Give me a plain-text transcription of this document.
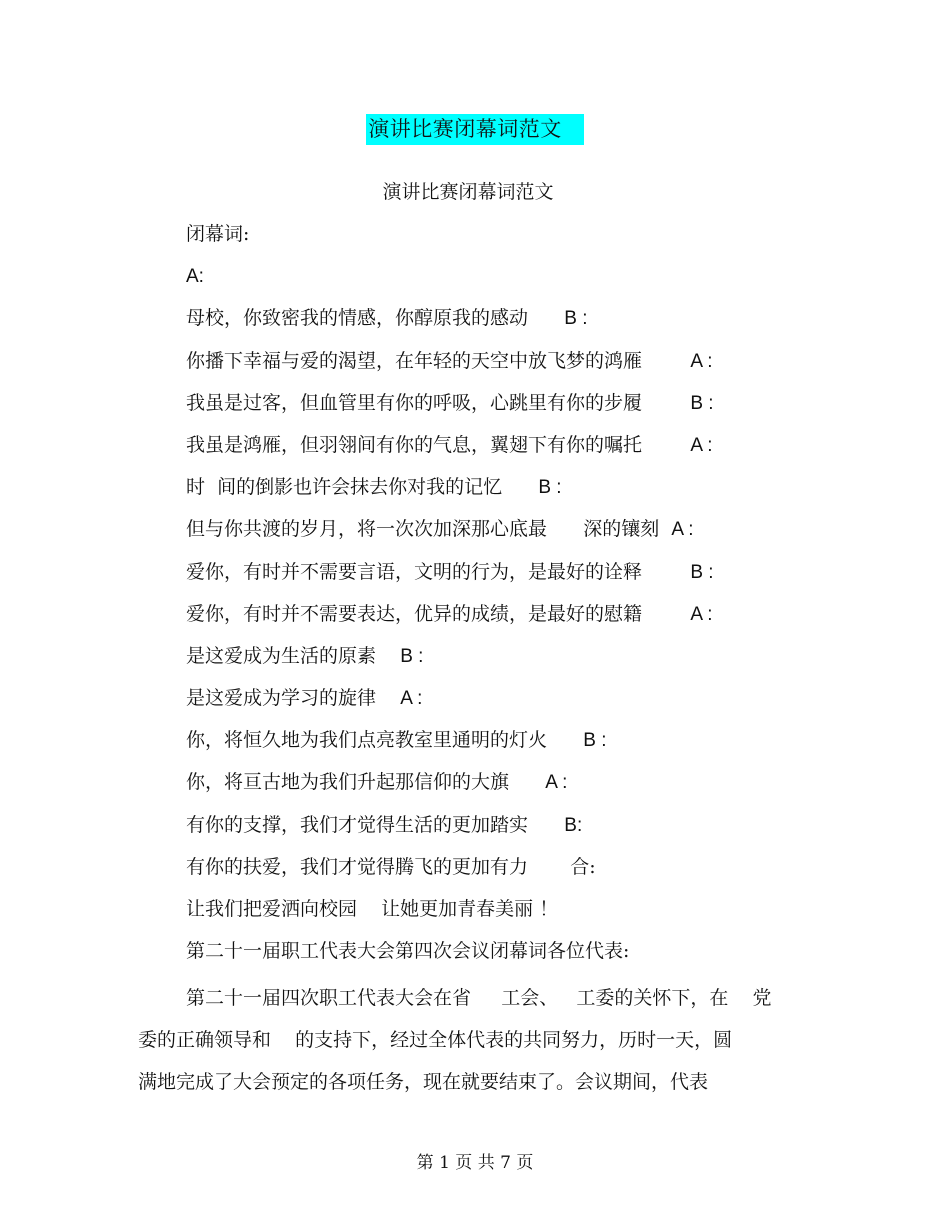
演讲比赛闭幕词范文
演讲比赛闭幕词范文
闭幕词:
A:
母校，你致密我的情感，你醇原我的感动 B :
你播下幸福与爱的渴望，在年轻的天空中放飞梦的鸿雁	A :
我虽是过客，但血管里有你的呼吸，心跳里有你的步履	B :
我虽是鸿雁，但羽翎间有你的气息，翼翅下有你的嘱托	A :
时  间的倒影也许会抹去你对我的记忆 B :
但与你共渡的岁月，将一次次加深那心底最      深的镶刻 A :
爱你，有时并不需要言语，文明的行为，是最好的诠释	B :
爱你，有时并不需要表达，优异的成绩，是最好的慰籍	A :
是这爱成为生活的原素 B :
是这爱成为学习的旋律 A :
你，将恒久地为我们点亮教室里通明的灯火 B :
你，将亘古地为我们升起那信仰的大旗 A :
有你的支撑，我们才觉得生活的更加踏实 B:
有你的扶爱，我们才觉得腾飞的更加有力 合:
让我们把爱洒向校园    让她更加青春美丽 ！
第二十一届职工代表大会第四次会议闭幕词各位代表:
第二十一届四次职工代表大会在省     工会、   工委的关怀下，在    党
委的正确领导和    的支持下，经过全体代表的共同努力，历时一天，圆
满地完成了大会预定的各项任务，现在就要结束了。会议期间，代表
第 1 页 共 7 页
